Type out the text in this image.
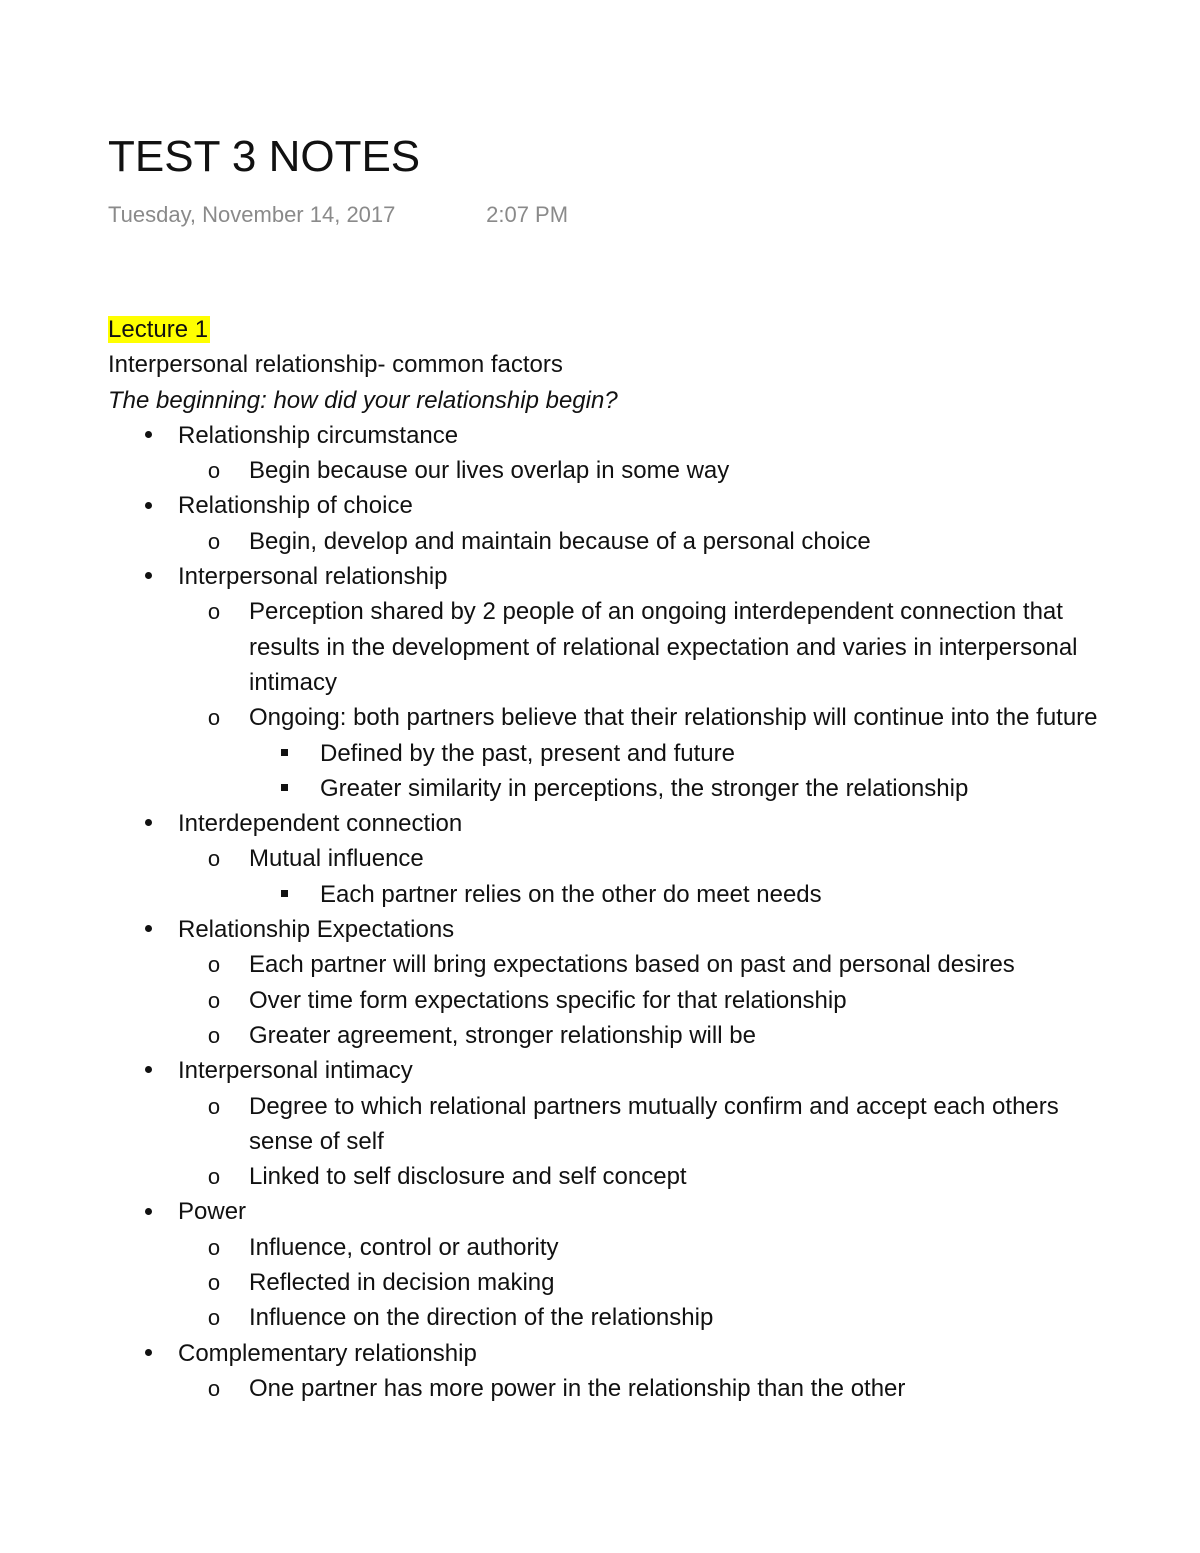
TEST 3 NOTES
Tuesday, November 14, 2017	2:07 PM
Lecture 1
Interpersonal relationship- common factors
The beginning: how did your relationship begin?
Relationship circumstance
o Begin because our lives overlap in some way
Relationship of choice
o Begin, develop and maintain because of a personal choice
Interpersonal relationship
o Perception shared by 2 people of an ongoing interdependent connection that results in the development of relational expectation and varies in interpersonal intimacy
o Ongoing: both partners believe that their relationship will continue into the future
Defined by the past, present and future
Greater similarity in perceptions, the stronger the relationship
Interdependent connection
o Mutual influence
Each partner relies on the other do meet needs
Relationship Expectations
o Each partner will bring expectations based on past and personal desires
o Over time form expectations specific for that relationship
o Greater agreement, stronger relationship will be
Interpersonal intimacy
o Degree to which relational partners mutually confirm and accept each others sense of self
o Linked to self disclosure and self concept
Power
o Influence, control or authority
o Reflected in decision making
o Influence on the direction of the relationship
Complementary relationship
o One partner has more power in the relationship than the other
